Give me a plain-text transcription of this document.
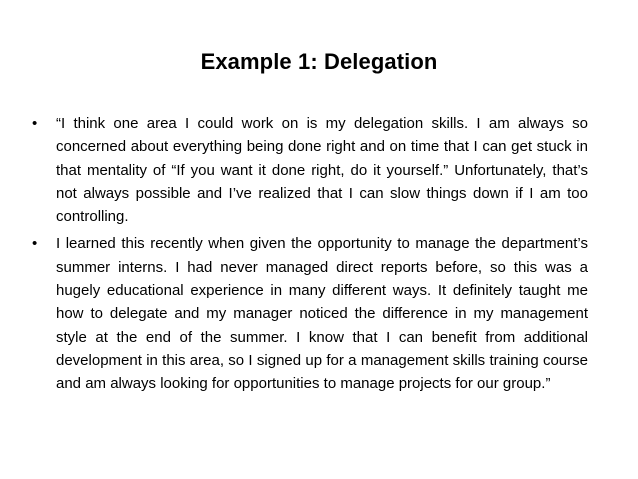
Example 1: Delegation
•	“I think one area I could work on is my delegation skills. I am always so concerned about everything being done right and on time that I can get stuck in that mentality of “If you want it done right, do it yourself.” Unfortunately, that’s not always possible and I’ve realized that I can slow things down if I am too controlling.
•	I learned this recently when given the opportunity to manage the department’s summer interns. I had never managed direct reports before, so this was a hugely educational experience in many different ways. It definitely taught me how to delegate and my manager noticed the difference in my management style at the end of the summer. I know that I can benefit from additional development in this area, so I signed up for a management skills training course and am always looking for opportunities to manage projects for our group.”
